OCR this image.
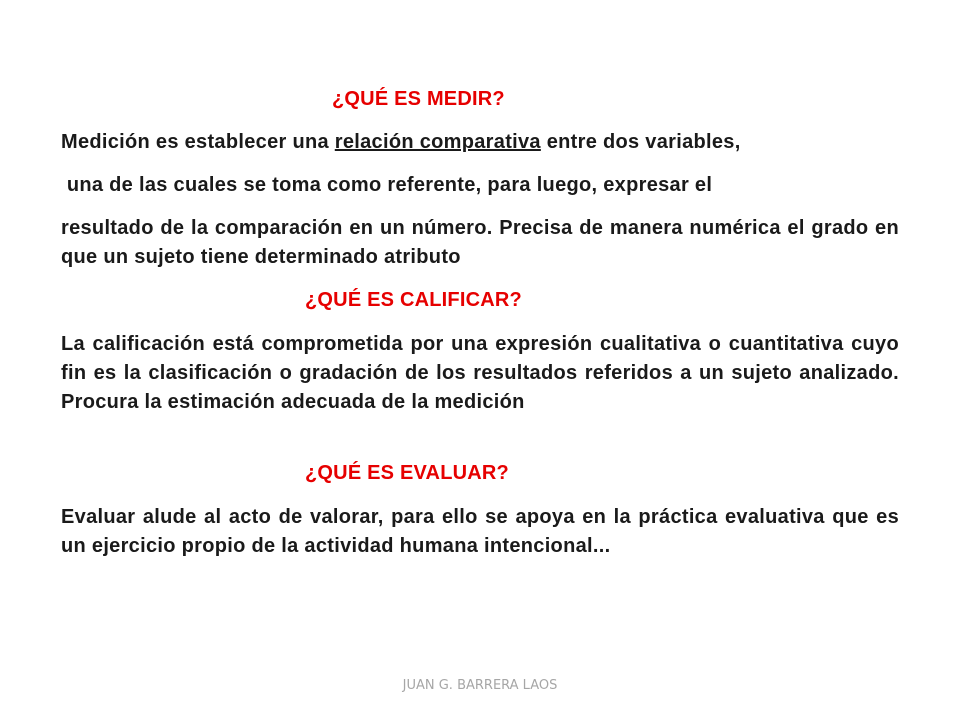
¿QUÉ ES MEDIR?
Medición es establecer una relación comparativa entre dos variables,
una de las cuales se toma como referente, para luego, expresar el
resultado de la comparación en un número. Precisa de manera numérica el grado en que un sujeto tiene determinado atributo
¿QUÉ ES CALIFICAR?
La calificación está comprometida por una expresión cualitativa o cuantitativa cuyo fin es la clasificación o gradación de los resultados referidos a un sujeto analizado. Procura la estimación adecuada de la medición
¿QUÉ ES EVALUAR?
Evaluar alude al acto de valorar, para ello se apoya en la práctica evaluativa que es un ejercicio propio de la actividad humana intencional...
JUAN G. BARRERA LAOS
